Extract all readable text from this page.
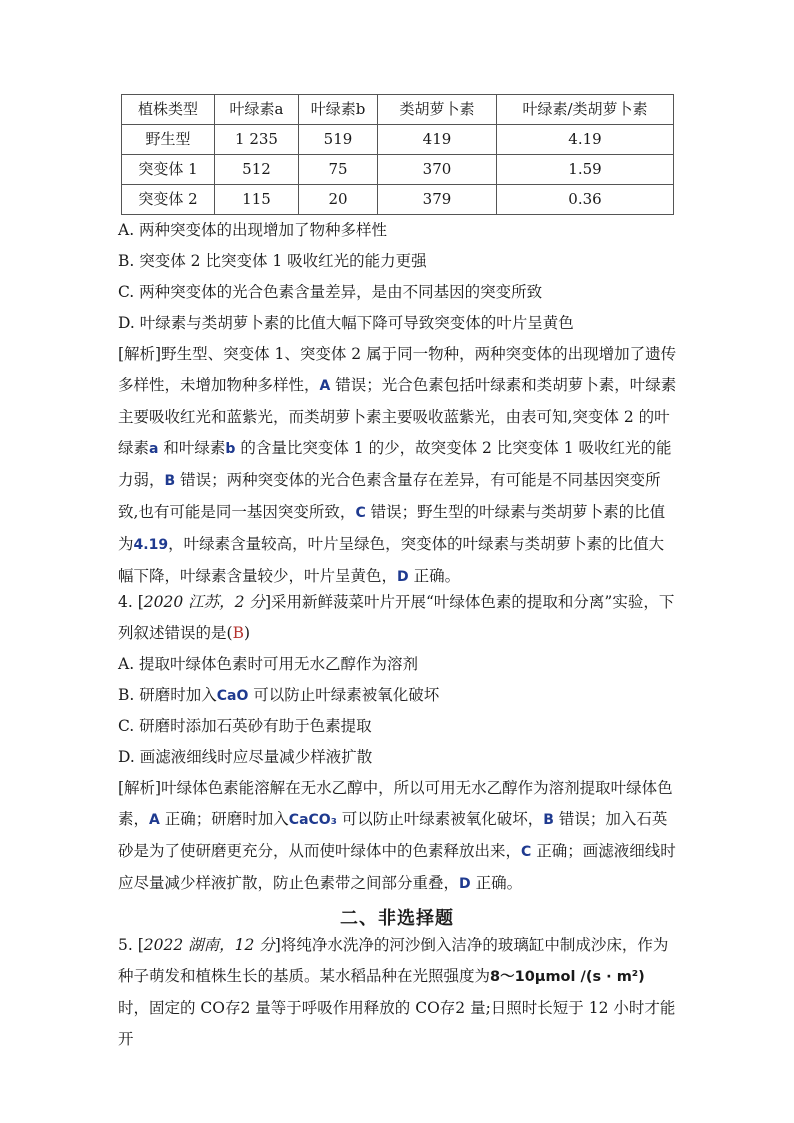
植株类型	叶绿素a	叶绿素b	类胡萝卜素	叶绿素/类胡萝卜素
野生型	1 235	519	419	4.19
突变体 1	512	75	370	1.59
突变体 2	115	20	379	0.36

A. 两种突变体的出现增加了物种多样性

B. 突变体 2 比突变体 1 吸收红光的能力更强

C. 两种突变体的光合色素含量差异，是由不同基因的突变所致

D. 叶绿素与类胡萝卜素的比值大幅下降可导致突变体的叶片呈黄色

[解析]野生型、突变体 1、突变体 2 属于同一物种，两种突变体的出现增加了遗传多样性，未增加物种多样性，A 错误；光合色素包括叶绿素和类胡萝卜素，叶绿素主要吸收红光和蓝紫光，而类胡萝卜素主要吸收蓝紫光，由表可知,突变体 2 的叶绿素a 和叶绿素b 的含量比突变体 1 的少，故突变体 2 比突变体 1 吸收红光的能力弱，B 错误；两种突变体的光合色素含量存在差异，有可能是不同基因突变所致,也有可能是同一基因突变所致，C 错误；野生型的叶绿素与类胡萝卜素的比值为4.19，叶绿素含量较高，叶片呈绿色，突变体的叶绿素与类胡萝卜素的比值大幅下降，叶绿素含量较少，叶片呈黄色，D 正确。

4. [2020 江苏，2 分]采用新鲜菠菜叶片开展“叶绿体色素的提取和分离”实验，下列叙述错误的是(B)

A. 提取叶绿体色素时可用无水乙醇作为溶剂

B. 研磨时加入CaO 可以防止叶绿素被氧化破坏

C. 研磨时添加石英砂有助于色素提取

D. 画滤液细线时应尽量减少样液扩散

[解析]叶绿体色素能溶解在无水乙醇中，所以可用无水乙醇作为溶剂提取叶绿体色素，A 正确；研磨时加入CaCO₃ 可以防止叶绿素被氧化破坏，B 错误；加入石英砂是为了使研磨更充分，从而使叶绿体中的色素释放出来，C 正确；画滤液细线时应尽量减少样液扩散，防止色素带之间部分重叠，D 正确。

二、非选择题

5. [2022 湖南，12 分]将纯净水洗净的河沙倒入洁净的玻璃缸中制成沙床，作为种子萌发和植株生长的基质。某水稻品种在光照强度为8～10μmol /(s · m²) 时，固定的 CO存2 量等于呼吸作用释放的 CO存2 量;日照时长短于 12 小时才能开
